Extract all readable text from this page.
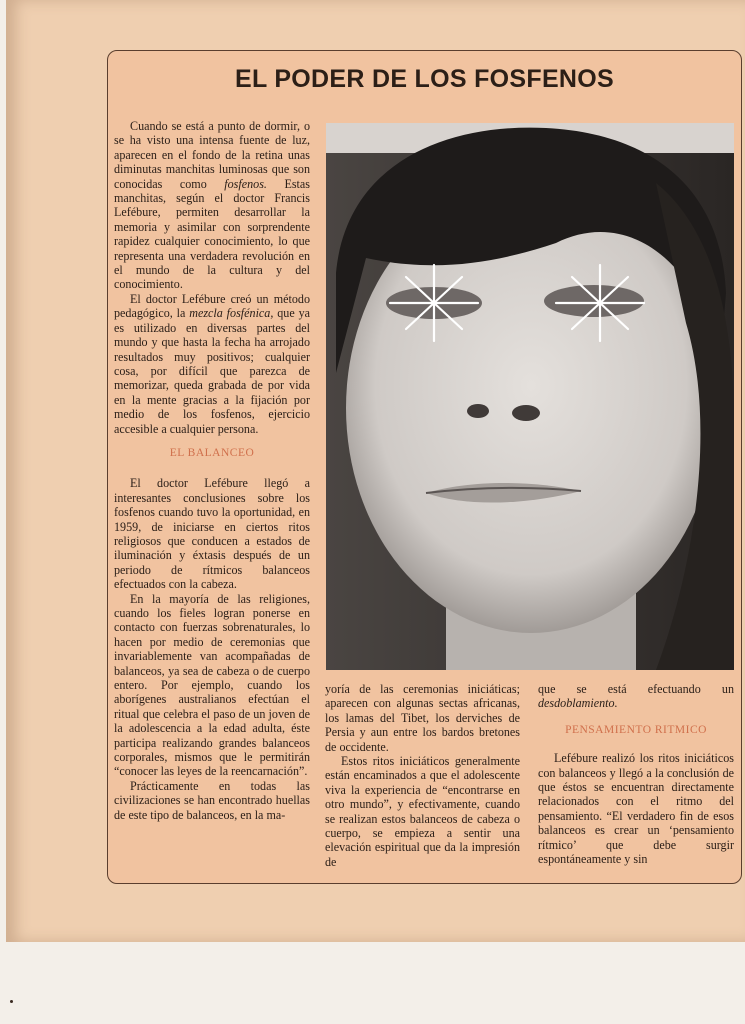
EL PODER DE LOS FOSFENOS

Cuando se está a punto de dormir, o se ha visto una intensa fuente de luz, aparecen en el fondo de la retina unas diminutas manchitas luminosas que son conocidas como fosfenos. Estas manchitas, según el doctor Francis Lefébure, permiten desarrollar la memoria y asimilar con sorprendente rapidez cualquier conocimiento, lo que representa una verdadera revolución en el mundo de la cultura y del conocimiento.

El doctor Lefébure creó un método pedagógico, la mezcla fosfénica, que ya es utilizado en diversas partes del mundo y que hasta la fecha ha arrojado resultados muy positivos; cualquier cosa, por difícil que parezca de memorizar, queda grabada de por vida en la mente gracias a la fijación por medio de los fosfenos, ejercicio accesible a cualquier persona.

EL BALANCEO

El doctor Lefébure llegó a interesantes conclusiones sobre los fosfenos cuando tuvo la oportunidad, en 1959, de iniciarse en ciertos ritos religiosos que conducen a estados de iluminación y éxtasis después de un periodo de rítmicos balanceos efectuados con la cabeza.

En la mayoría de las religiones, cuando los fieles logran ponerse en contacto con fuerzas sobrenaturales, lo hacen por medio de ceremonias que invariablemente van acompañadas de balanceos, ya sea de cabeza o de cuerpo entero. Por ejemplo, cuando los aborígenes australianos efectúan el ritual que celebra el paso de un joven de la adolescencia a la edad adulta, éste participa realizando grandes balanceos corporales, mismos que le permitirán “conocer las leyes de la reencarnación”.

Prácticamente en todas las civilizaciones se han encontrado huellas de este tipo de balanceos, en la ma-

yoría de las ceremonias iniciáticas; aparecen con algunas sectas africanas, los lamas del Tibet, los derviches de Persia y aun entre los bardos bretones de occidente.

Estos ritos iniciáticos generalmente están encaminados a que el adolescente viva la experiencia de “encontrarse en otro mundo”, y efectivamente, cuando se realizan estos balanceos de cabeza o cuerpo, se empieza a sentir una elevación espiritual que da la impresión de

que se está efectuando un desdoblamiento.

PENSAMIENTO RITMICO

Lefébure realizó los ritos iniciáticos con balanceos y llegó a la conclusión de que éstos se encuentran directamente relacionados con el ritmo del pensamiento. “El verdadero fin de esos balanceos es crear un ‘pensamiento rítmico’ que debe surgir espontáneamente y sin
